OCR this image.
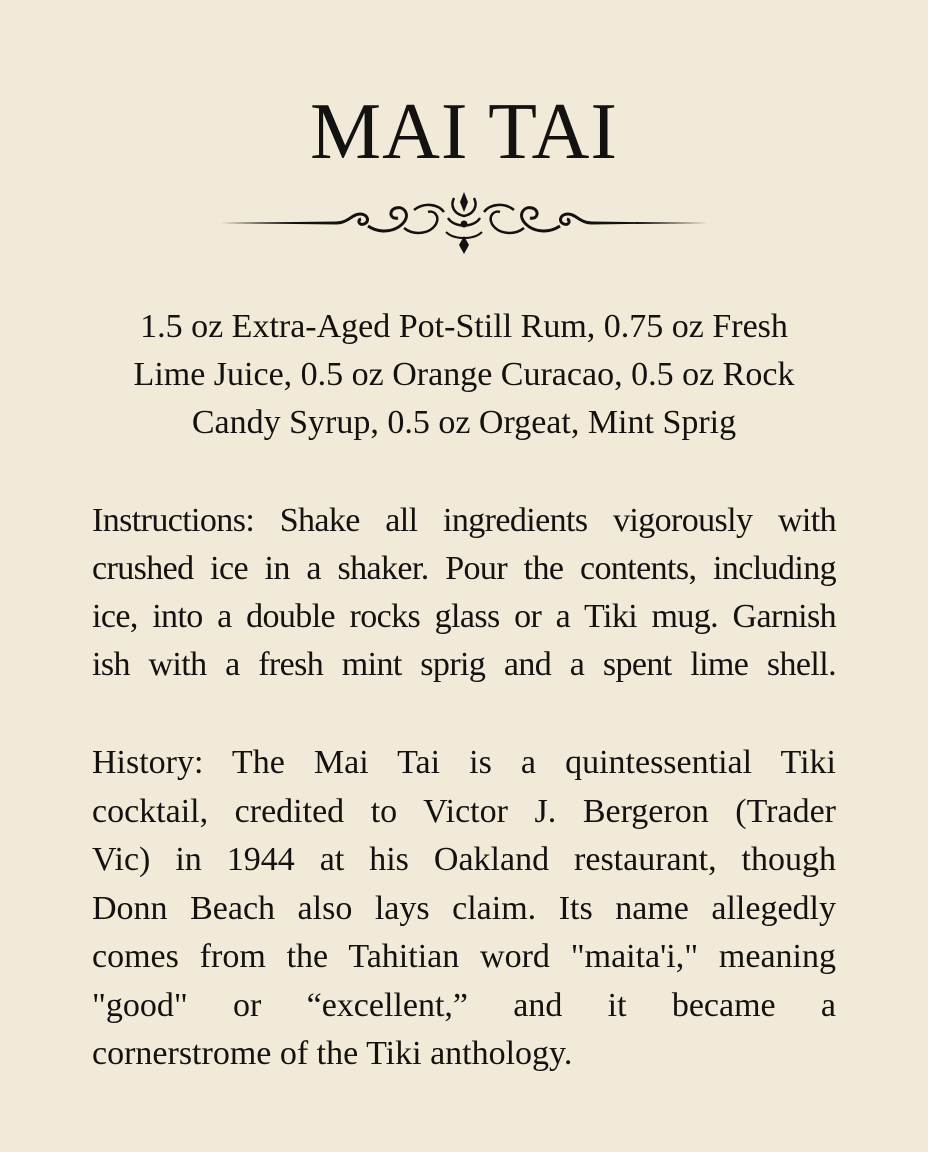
MAI TAI

1.5 oz Extra-Aged Pot-Still Rum, 0.75 oz Fresh
Lime Juice, 0.5 oz Orange Curacao, 0.5 oz Rock
Candy Syrup, 0.5 oz Orgeat, Mint Sprig

Instructions: Shake all ingredients vigorously with
crushed ice in a shaker. Pour the contents, including
ice, into a double rocks glass or a Tiki mug. Garnish
ish with a fresh mint sprig and a spent lime shell.

History: The Mai Tai is a quintessential Tiki
cocktail, credited to Victor J. Bergeron (Trader
Vic) in 1944 at his Oakland restaurant, though
Donn Beach also lays claim. Its name allegedly
comes from the Tahitian word "maita'i," meaning
"good" or “excellent,” and it became a
cornerstrome of the Tiki anthology.
